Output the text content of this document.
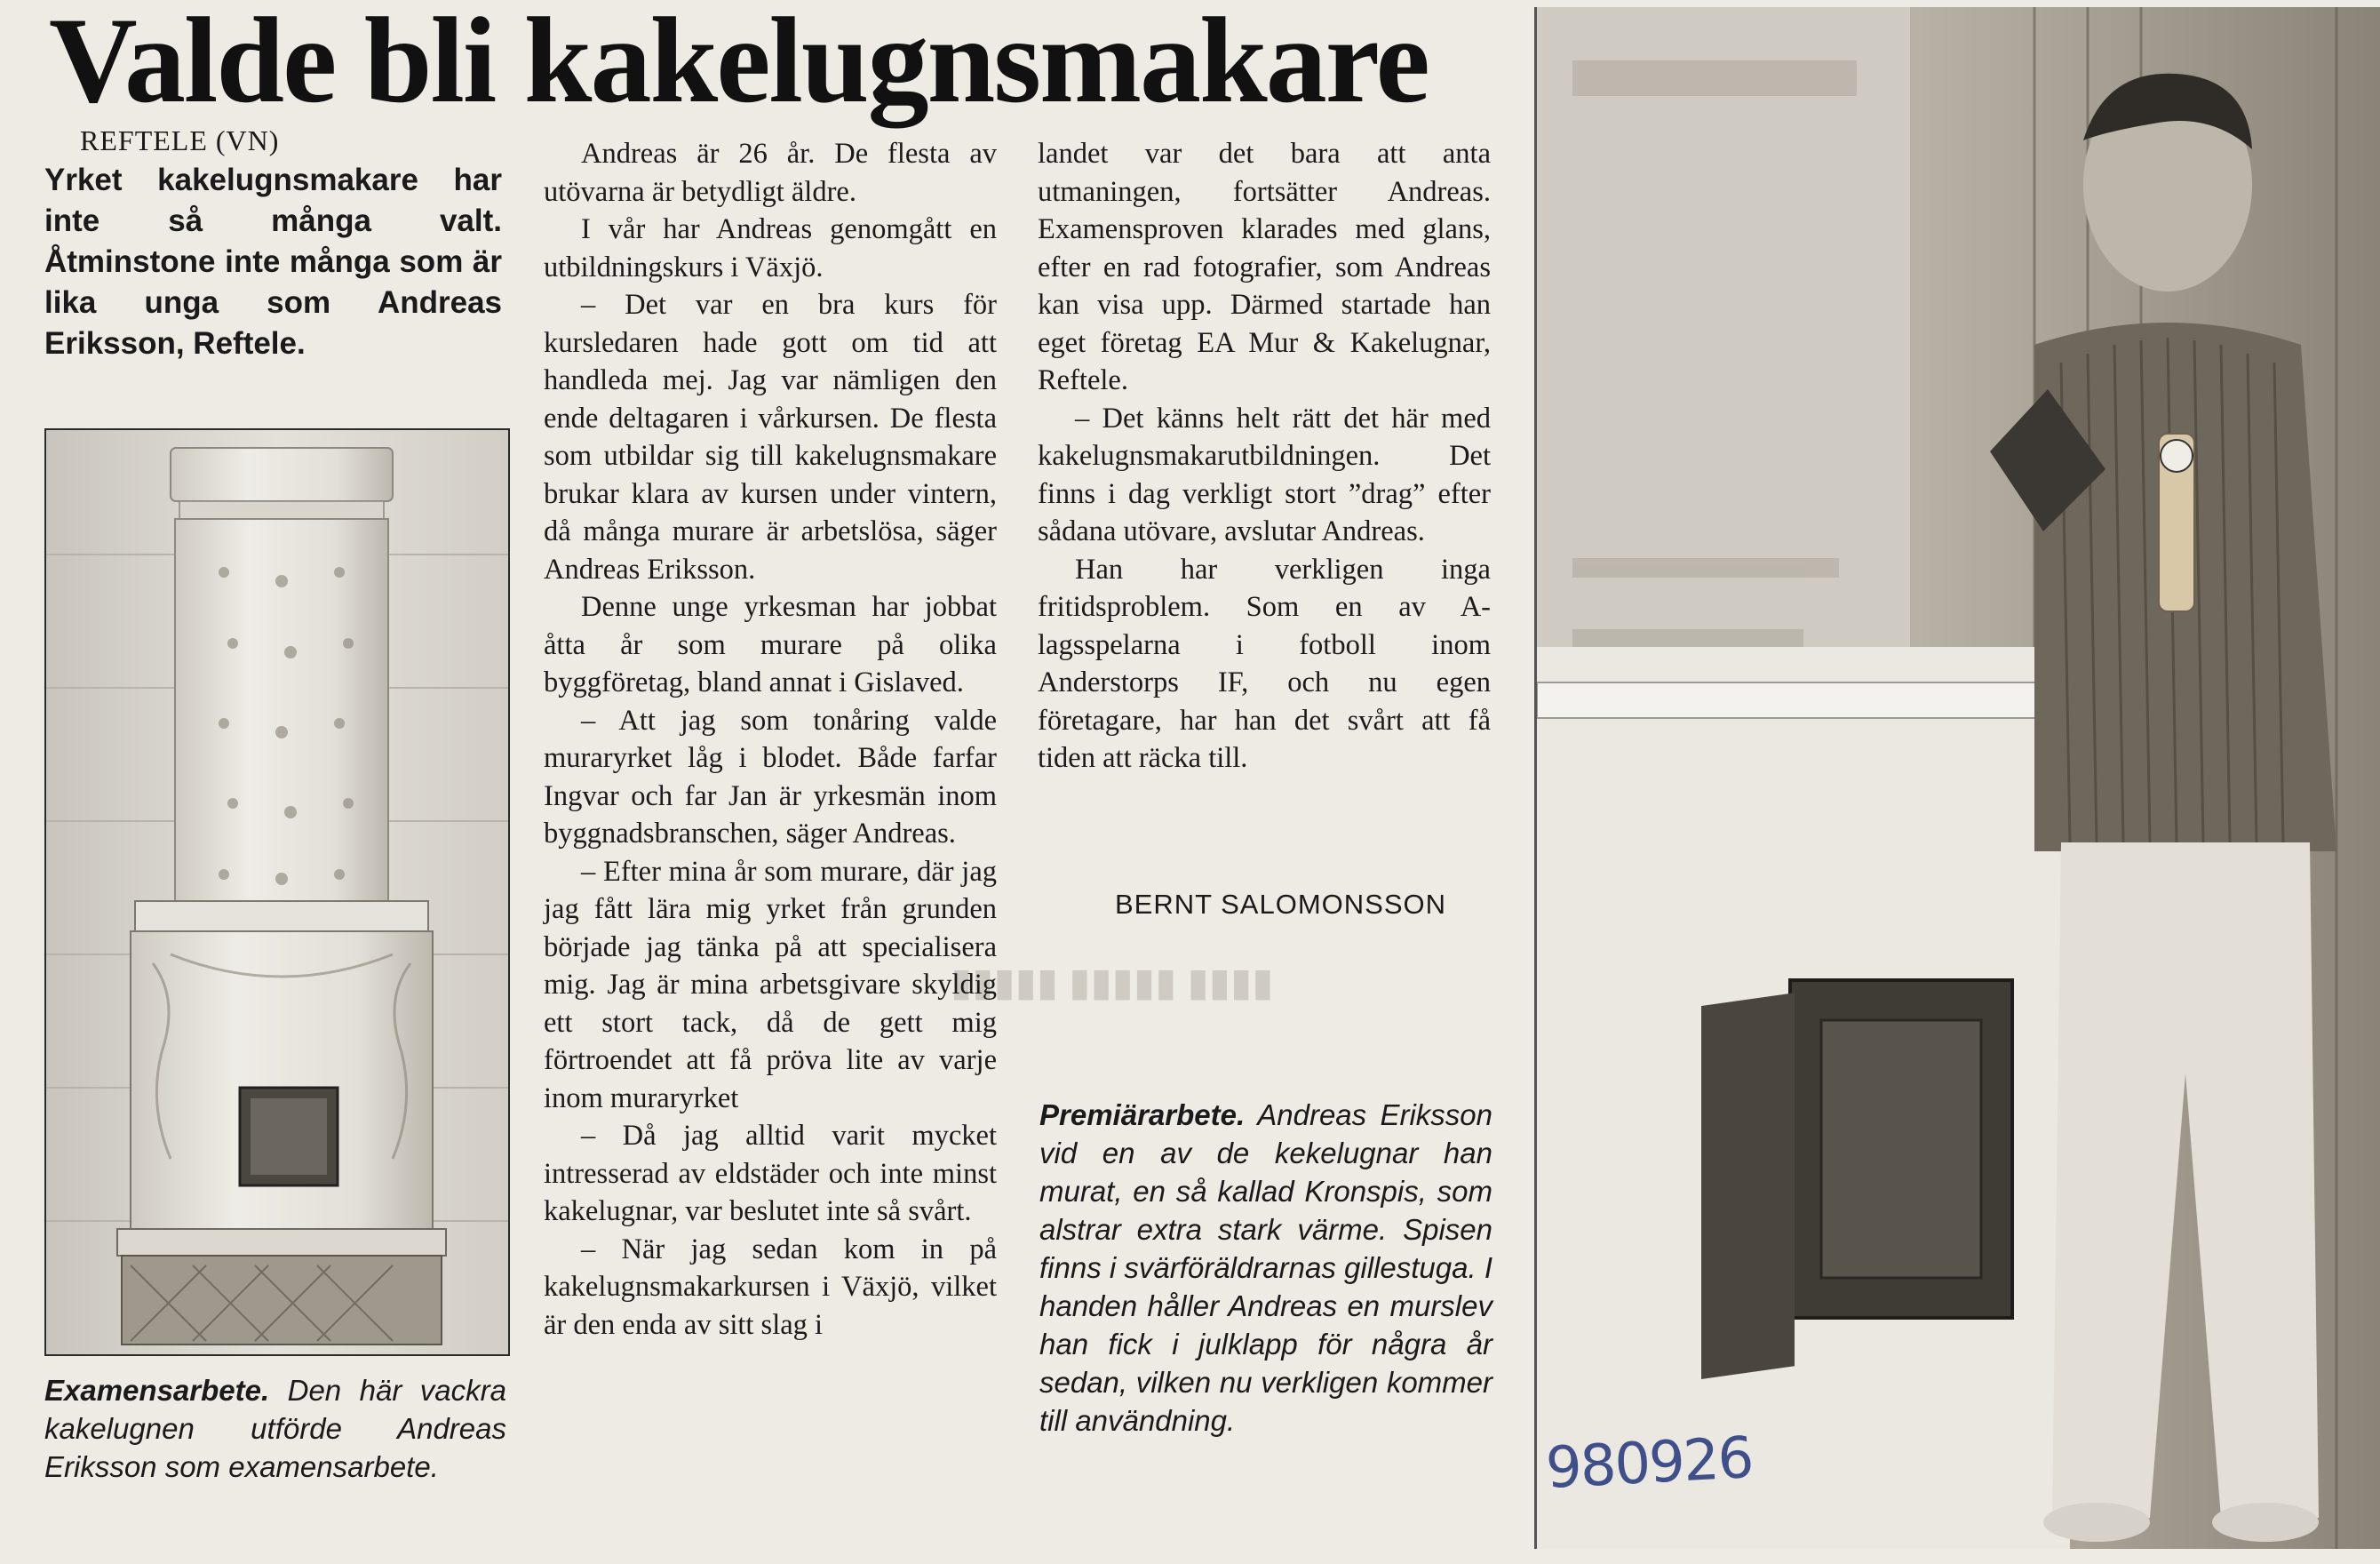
▮▮▮▮ ▮▮▮▮▮ ▮▮▮▮▮
Valde bli kakelugnsmakare
REFTELE (VN)
Yrket kakelugnsmakare har inte så många valt. Åtminstone inte många som är lika unga som Andreas Eriksson, Reftele.
Examensarbete. Den här vackra kakelugnen utförde Andreas Eriksson som examensarbete.

Andreas är 26 år. De flesta av utövarna är betydligt äldre.

I vår har Andreas genomgått en utbildningskurs i Växjö.

– Det var en bra kurs för kursledaren hade gott om tid att handleda mej. Jag var nämligen den ende deltagaren i vårkursen. De flesta som utbildar sig till kakelugnsmakare brukar klara av kursen under vintern, då många murare är arbetslösa, säger Andreas Eriksson.

Denne unge yrkesman har jobbat åtta år som murare på olika byggföretag, bland annat i Gislaved.

– Att jag som tonåring valde muraryrket låg i blodet. Både farfar Ingvar och far Jan är yrkesmän inom byggnadsbranschen, säger Andreas.

– Efter mina år som murare, där jag jag fått lära mig yrket från grunden började jag tänka på att specialisera mig. Jag är mina arbetsgivare skyldig ett stort tack, då de gett mig förtroendet att få pröva lite av varje inom muraryrket

– Då jag alltid varit mycket intresserad av eldstäder och inte minst kakelugnar, var beslutet inte så svårt.

– När jag sedan kom in på kakelugnsmakarkursen i Växjö, vilket är den enda av sitt slag i

landet var det bara att anta utmaningen, fortsätter Andreas. Examensproven klarades med glans, efter en rad fotografier, som Andreas kan visa upp. Därmed startade han eget företag EA Mur & Kakelugnar, Reftele.

– Det känns helt rätt det här med kakelugnsmakarutbildningen. Det finns i dag verkligt stort ”drag” efter sådana utövare, avslutar Andreas.

Han har verkligen inga fritidsproblem. Som en av A-lagsspelarna i fotboll inom Anderstorps IF, och nu egen företagare, har han det svårt att få tiden att räcka till.

BERNT SALOMONSSON
Premiärarbete. Andreas Eriksson vid en av de kekelugnar han murat, en så kallad Kronspis, som alstrar extra stark värme. Spisen finns i svärföräldrarnas gillestuga. I handen håller Andreas en murslev han fick i julklapp för några år sedan, vilken nu verkligen kommer till användning.
980926
